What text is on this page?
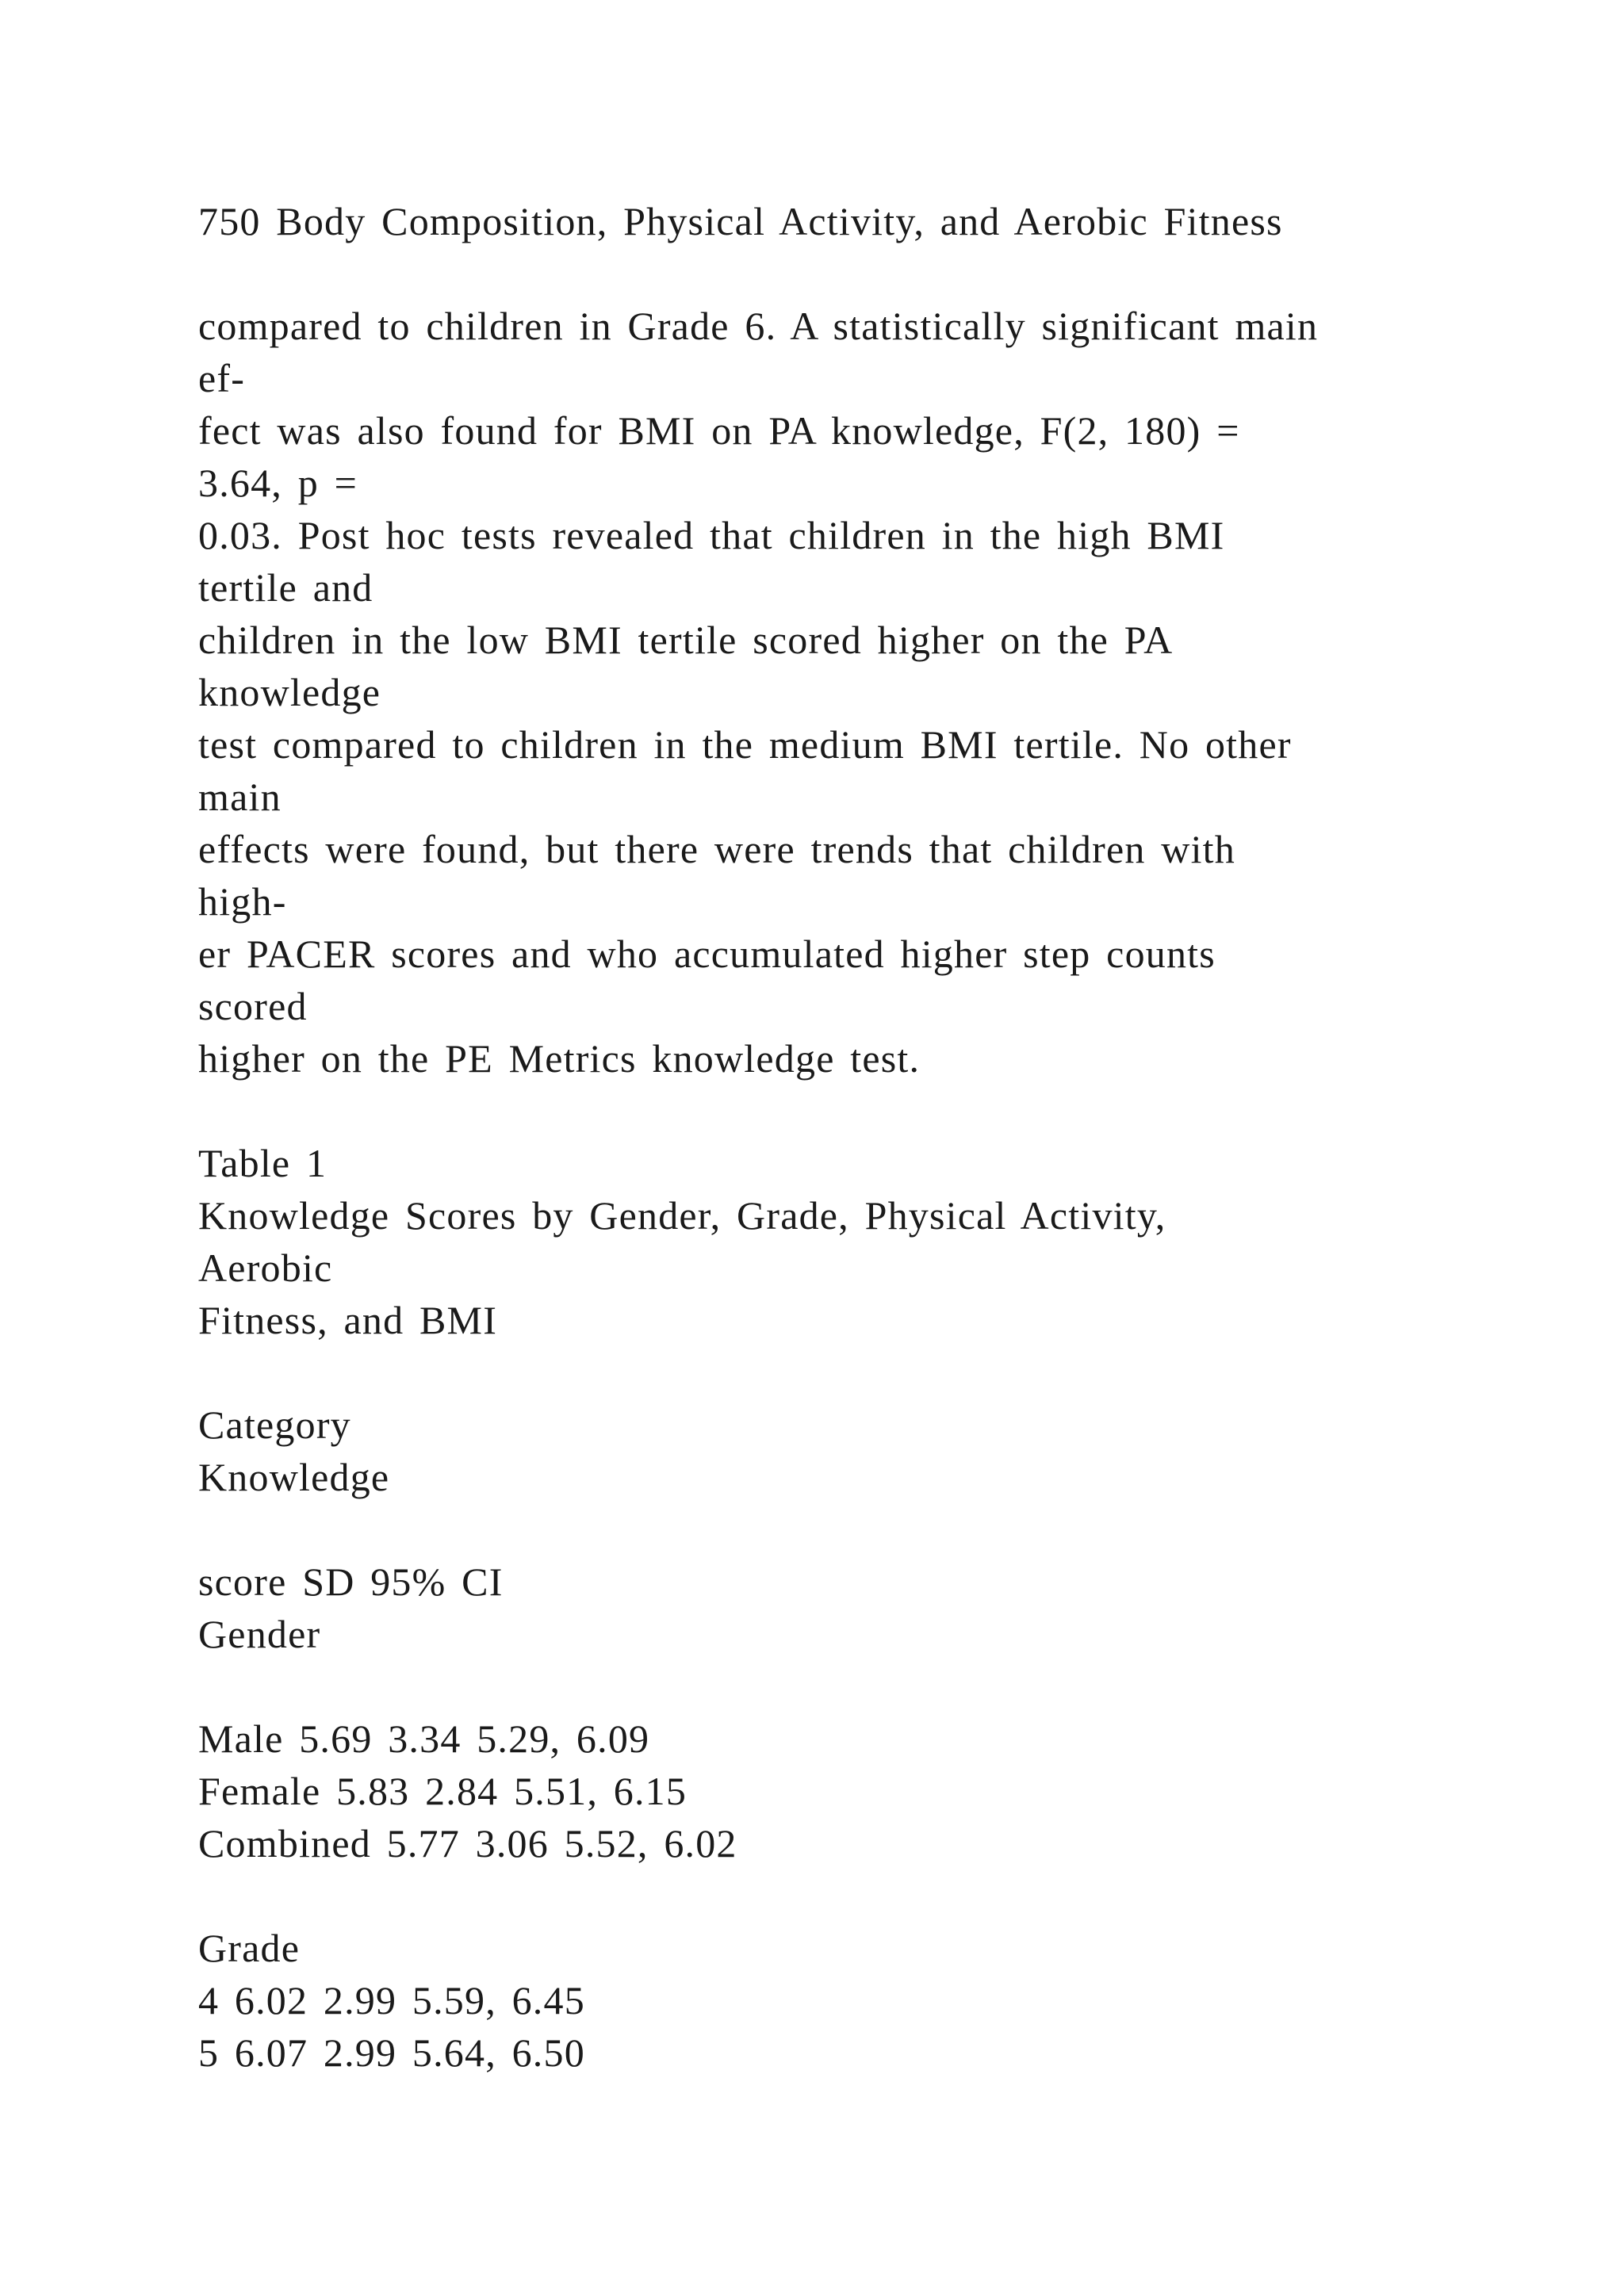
750 Body Composition, Physical Activity, and Aerobic Fitness
compared to children in Grade 6. A statistically significant main
ef-
fect was also found for BMI on PA knowledge, F(2, 180) =
3.64, p =
0.03. Post hoc tests revealed that children in the high BMI
tertile and
children in the low BMI tertile scored higher on the PA
knowledge
test compared to children in the medium BMI tertile. No other
main
effects were found, but there were trends that children with
high-
er PACER scores and who accumulated higher step counts
scored
higher on the PE Metrics knowledge test.
Table 1
Knowledge Scores by Gender, Grade, Physical Activity,
Aerobic
Fitness, and BMI
Category
Knowledge
score SD 95% CI
Gender
Male 5.69 3.34 5.29, 6.09
Female 5.83 2.84 5.51, 6.15
Combined 5.77 3.06 5.52, 6.02
Grade
4 6.02 2.99 5.59, 6.45
5 6.07 2.99 5.64, 6.50
